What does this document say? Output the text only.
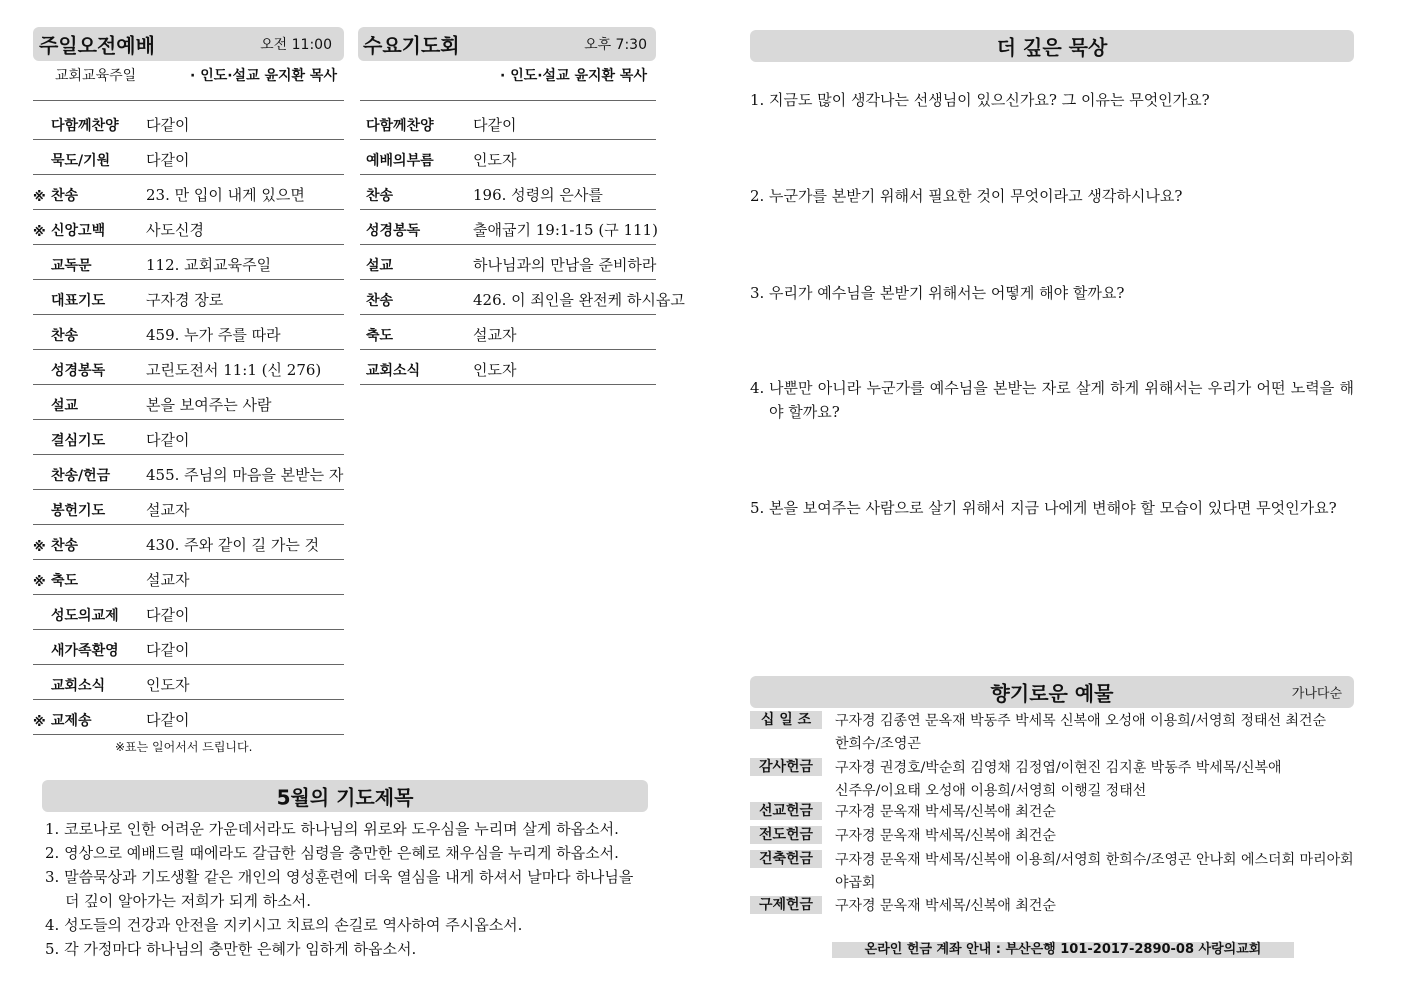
주일오전예배	오전 11:00
교회교육주일	· 인도·설교 윤지환 목사
다함께찬양	다같이
묵도/기원	다같이
※ 찬송	23. 만 입이 내게 있으면
※ 신앙고백	사도신경
교독문	112. 교회교육주일
대표기도	구자경 장로
찬송	459. 누가 주를 따라
성경봉독	고린도전서 11:1 (신 276)
설교	본을 보여주는 사람
결심기도	다같이
찬송/헌금	455. 주님의 마음을 본받는 자
봉헌기도	설교자
※ 찬송	430. 주와 같이 길 가는 것
※ 축도	설교자
성도의교제	다같이
새가족환영	다같이
교회소식	인도자
※ 교제송	다같이
※표는 일어서서 드립니다.
수요기도회	오후 7:30
· 인도·설교 윤지환 목사
다함께찬양	다같이
예배의부름	인도자
찬송	196. 성령의 은사를
성경봉독	출애굽기 19:1-15 (구 111)
설교	하나님과의 만남을 준비하라
찬송	426. 이 죄인을 완전케 하시옵고
축도	설교자
교회소식	인도자
5월의 기도제목
1. 코로나로 인한 어려운 가운데서라도 하나님의 위로와 도우심을 누리며 살게 하옵소서.
2. 영상으로 예배드릴 때에라도 갈급한 심령을 충만한 은혜로 채우심을 누리게 하옵소서.
3. 말씀묵상과 기도생활 같은 개인의 영성훈련에 더욱 열심을 내게 하셔서 날마다 하나님을
더 깊이 알아가는 저희가 되게 하소서.
4. 성도들의 건강과 안전을 지키시고 치료의 손길로 역사하여 주시옵소서.
5. 각 가정마다 하나님의 충만한 은혜가 임하게 하옵소서.
더 깊은 묵상
1. 지금도 많이 생각나는 선생님이 있으신가요? 그 이유는 무엇인가요?
2. 누군가를 본받기 위해서 필요한 것이 무엇이라고 생각하시나요?
3. 우리가 예수님을 본받기 위해서는 어떻게 해야 할까요?
4. 나뿐만 아니라 누군가를 예수님을 본받는 자로 살게 하게 위해서는 우리가 어떤 노력을 해야 할까요?
5. 본을 보여주는 사람으로 살기 위해서 지금 나에게 변해야 할 모습이 있다면 무엇인가요?
향기로운 예물	가나다순
십 일 조	구자경 김종연 문옥재 박동주 박세목 신복애 오성애 이용희/서영희 정태선 최건순
한희수/조영곤
감사헌금	구자경 권경호/박순희 김영채 김정엽/이현진 김지훈 박동주 박세목/신복애
신주우/이요태 오성애 이용희/서영희 이행길 정태선
선교헌금	구자경 문옥재 박세목/신복애 최건순
전도헌금	구자경 문옥재 박세목/신복애 최건순
건축헌금	구자경 문옥재 박세목/신복애 이용희/서영희 한희수/조영곤 안나회 에스더회 마리아회
야곱회
구제헌금	구자경 문옥재 박세목/신복애 최건순
온라인 헌금 계좌 안내 : 부산은행 101-2017-2890-08 사랑의교회
